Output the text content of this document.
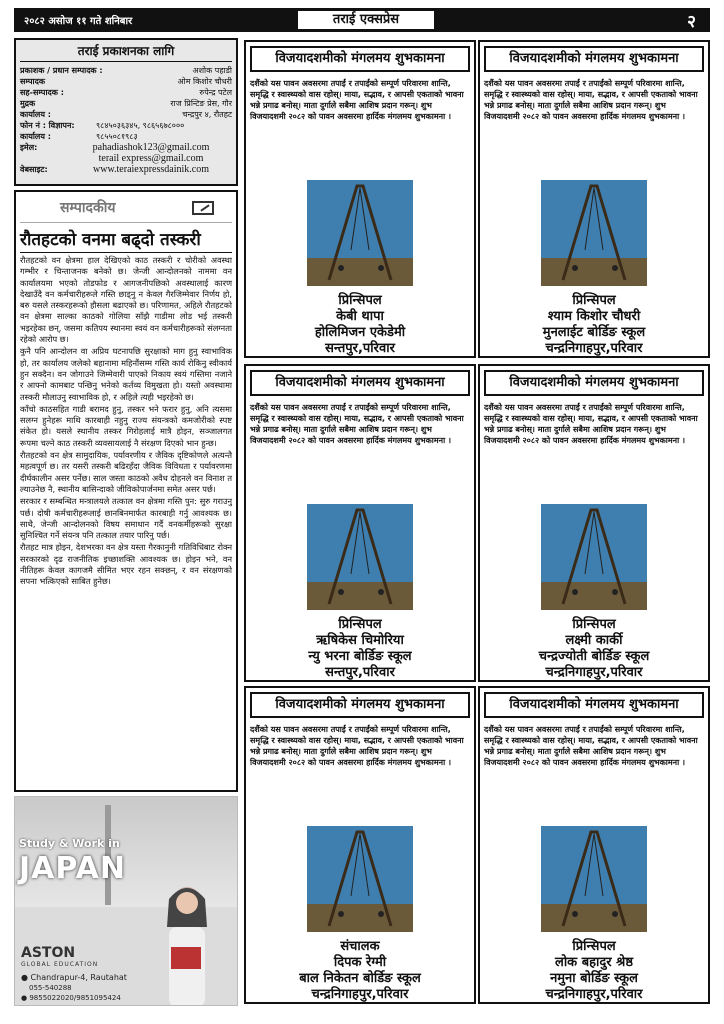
२०८२ असोज ११ गते शनिबार	तराई एक्सप्रेस	२
तराई प्रकाशनका लागि
प्रकाशक / प्रधान सम्पादक :	अशोक पहाडी
सम्पादक	ओम किशोर चौधरी
सह-सम्पादक :	रुपेन्द्र पटेल
मुद्रक	राज प्रिन्टिङ प्रेस, गौर
कार्यालय :	चन्द्रपुर ४, रौतहट
फोन नं : विज्ञापन:	९८४५०३६३४५, ९८६५६७८०००
कार्यालय :	९८५५०८१९८३
इमेल:	pahadiashok123@gmail.com
terail express@gmail.com
वेबसाइट:	www.teraiexpressdainik.com
सम्पादकीय
रौतहटको वनमा बढ्दो तस्करी

रौतहटको वन क्षेत्रमा हाल देखिएको काठ तस्करी र चोरीको अवस्था गम्भीर र चिन्ताजनक बनेको छ। जेन्जी आन्दोलनको नाममा वन कार्यालयमा भएको तोडफोड र आगजनीपछिको अवस्थालाई कारण देखाउँदै वन कर्मचारीहरूले गस्ति छाड्नु न केवल गैरजिम्मेवार निर्णय हो, बरु यसले तस्करहरूको हौसला बढाएको छ। परिणामत, अहिले रौतहटको वन क्षेत्रमा साल्का काठको गोलिया साँझै गाडीमा लोड भई तस्करी भइरहेका छन्, जसमा कतिपय स्थानमा स्वयं वन कर्मचारीहरूको संलग्नता रहेको आरोप छ।

कुनै पनि आन्दोलन वा अप्रिय घटनापछि सुरक्षाको माग हुनु स्वाभाविक हो, तर कार्यालय जलेको बहानामा महिनौंसम्म गस्ति कार्य रोकिनु स्वीकार्य हुन सक्दैन। वन जोगाउने जिम्मेवारी पाएको निकाय स्वयं गस्तिमा नजाने र आफ्नो कामबाट पन्छिनु भनेको कर्तव्य विमुखता हो। यस्तो अवस्थामा तस्करी मौलाउनु स्वाभाविक हो, र अहिले त्यही भइरहेको छ।

काँचो काठसहित गाडी बरामद हुनु, तस्कर भने फरार हुनु, अनि त्यसमा सलग्न हुनेहरू माथि कारबाही नहुनु राज्य संयन्त्रको कमजोरीको स्पष्ट संकेत हो। यसले स्थानीय तस्कर गिरोहलाई मात्रै होइन, सञ्जालगत रूपमा चल्ने काठ तस्करी व्यवसायलाई नै संरक्षण दिएको भान हुन्छ।

रौतहटको वन क्षेत्र सामुदायिक, पर्यावरणीय र जैविक दृष्टिकोणले अत्यन्तै महत्वपूर्ण छ। तर यसरी तस्करी बढिरहँदा जैविक विविधता र पर्यावरणमा दीर्घकालीन असर पर्नेछ। साल जस्ता काठको अवैध दोहनले वन विनाश त ल्याउनेछ नै, स्थानीय बासिन्दाको जीविकोपार्जनमा समेत असर पर्छ।

सरकार र सम्बन्धित मन्त्रालयले तत्काल वन क्षेत्रमा गस्ति पुन: सुरु गराउनु पर्छ। दोषी कर्मचारीहरूलाई छानबिनमार्फत कारबाही गर्नु आवश्यक छ। साथै, जेन्जी आन्दोलनको विषय समाधान गर्दै वनकर्मीहरूको सुरक्षा सुनिश्चित गर्ने संयन्त्र पनि तत्काल तयार पारिनु पर्छ।

रौतहट मात्र होइन, देशभरका वन क्षेत्र यस्ता गैरकानुनी गतिविधिबाट रोक्न सरकारको दृढ राजनीतिक इच्छाशक्ति आवश्यक छ। होइन भने, वन नीतिहरू केवल कागजमै सीमित भएर रहन सक्छन्, र वन संरक्षणको सपना भत्किएको साबित हुनेछ।

Study & Work in
JAPAN
ASTON
GLOBAL EDUCATION
● Chandrapur-4, Rautahat
055-540288
● 9855022020/9851095424
विजयादशमीको मंगलमय शुभकामना
दशैंको यस पावन अवसरमा तपाईं र तपाईंको सम्पूर्ण परिवारमा शान्ति, समृद्धि र स्वास्थ्यको वास रहोस्। माया, सद्भाव, र आपसी एकताको भावना भन्ने प्रगाढ बनोस्। माता दुर्गाले सबैमा आशिष प्रदान गरून्। शुभ विजयादशमी २०८२ को पावन अवसरमा हार्दिक मंगलमय शुभकामना ।
प्रिन्सिपल
केबी थापा
होलिमिजन एकेडेमी
सन्तपुर,परिवार
विजयादशमीको मंगलमय शुभकामना
दशैंको यस पावन अवसरमा तपाईं र तपाईंको सम्पूर्ण परिवारमा शान्ति, समृद्धि र स्वास्थ्यको वास रहोस्। माया, सद्भाव, र आपसी एकताको भावना भन्ने प्रगाढ बनोस्। माता दुर्गाले सबैमा आशिष प्रदान गरून्। शुभ विजयादशमी २०८२ को पावन अवसरमा हार्दिक मंगलमय शुभकामना ।
प्रिन्सिपल
श्याम किशोर चौधरी
मुनलाईट बोर्डिङ स्कूल
चन्द्रनिगाहपुर,परिवार
विजयादशमीको मंगलमय शुभकामना
दशैंको यस पावन अवसरमा तपाईं र तपाईंको सम्पूर्ण परिवारमा शान्ति, समृद्धि र स्वास्थ्यको वास रहोस्। माया, सद्भाव, र आपसी एकताको भावना भन्ने प्रगाढ बनोस्। माता दुर्गाले सबैमा आशिष प्रदान गरून्। शुभ विजयादशमी २०८२ को पावन अवसरमा हार्दिक मंगलमय शुभकामना ।
प्रिन्सिपल
ऋषिकेस चिमोरिया
न्यु भरना बोर्डिङ स्कूल
सन्तपुर,परिवार
विजयादशमीको मंगलमय शुभकामना
दशैंको यस पावन अवसरमा तपाईं र तपाईंको सम्पूर्ण परिवारमा शान्ति, समृद्धि र स्वास्थ्यको वास रहोस्। माया, सद्भाव, र आपसी एकताको भावना भन्ने प्रगाढ बनोस्। माता दुर्गाले सबैमा आशिष प्रदान गरून्। शुभ विजयादशमी २०८२ को पावन अवसरमा हार्दिक मंगलमय शुभकामना ।
प्रिन्सिपल
लक्ष्मी कार्की
चन्द्रज्योती बोर्डिङ स्कूल
चन्द्रनिगाहपुर,परिवार
विजयादशमीको मंगलमय शुभकामना
दशैंको यस पावन अवसरमा तपाईं र तपाईंको सम्पूर्ण परिवारमा शान्ति, समृद्धि र स्वास्थ्यको वास रहोस्। माया, सद्भाव, र आपसी एकताको भावना भन्ने प्रगाढ बनोस्। माता दुर्गाले सबैमा आशिष प्रदान गरून्। शुभ विजयादशमी २०८२ को पावन अवसरमा हार्दिक मंगलमय शुभकामना ।
संचालक
दिपक रेग्मी
बाल निकेतन बोर्डिङ स्कूल
चन्द्रनिगाहपुर,परिवार
विजयादशमीको मंगलमय शुभकामना
दशैंको यस पावन अवसरमा तपाईं र तपाईंको सम्पूर्ण परिवारमा शान्ति, समृद्धि र स्वास्थ्यको वास रहोस्। माया, सद्भाव, र आपसी एकताको भावना भन्ने प्रगाढ बनोस्। माता दुर्गाले सबैमा आशिष प्रदान गरून्। शुभ विजयादशमी २०८२ को पावन अवसरमा हार्दिक मंगलमय शुभकामना ।
प्रिन्सिपल
लोक बहादुर श्रेष्ठ
नमुना बोर्डिङ स्कूल
चन्द्रनिगाहपुर,परिवार
